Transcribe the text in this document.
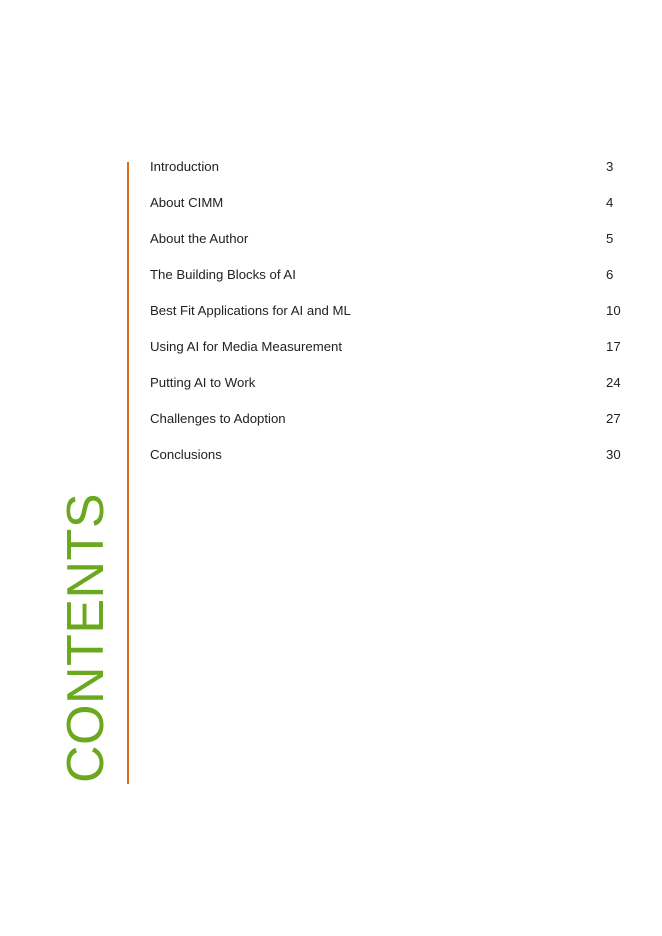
CONTENTS
Introduction	3
About CIMM	4
About the Author	5
The Building Blocks of AI	6
Best Fit Applications for AI and ML	10
Using AI for Media Measurement	17
Putting AI to Work	24
Challenges to Adoption	27
Conclusions	30
